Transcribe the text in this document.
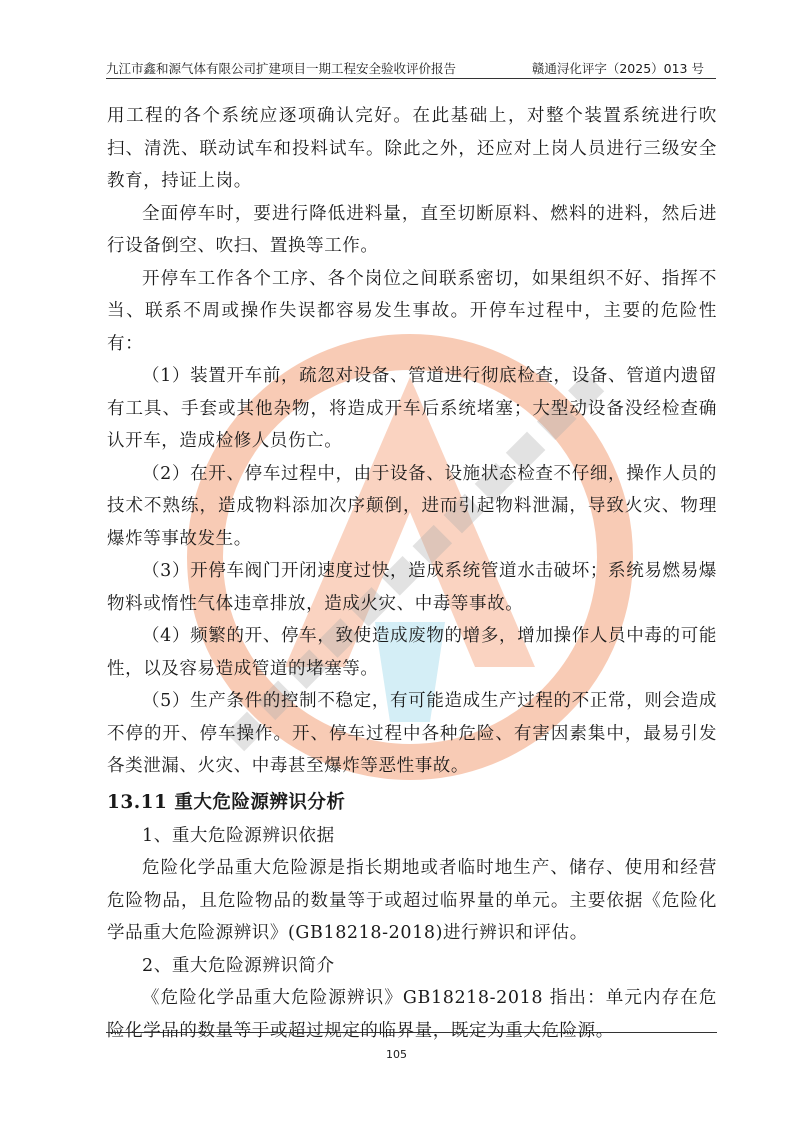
九江市鑫和源气体有限公司扩建项目一期工程安全验收评价报告	赣通浔化评字（2025）013 号

用工程的各个系统应逐项确认完好。在此基础上，对整个装置系统进行吹扫、清洗、联动试车和投料试车。除此之外，还应对上岗人员进行三级安全教育，持证上岗。

全面停车时，要进行降低进料量，直至切断原料、燃料的进料，然后进行设备倒空、吹扫、置换等工作。

开停车工作各个工序、各个岗位之间联系密切，如果组织不好、指挥不当、联系不周或操作失误都容易发生事故。开停车过程中，主要的危险性有：

（1）装置开车前，疏忽对设备、管道进行彻底检查，设备、管道内遗留有工具、手套或其他杂物，将造成开车后系统堵塞；大型动设备没经检查确认开车，造成检修人员伤亡。

（2）在开、停车过程中，由于设备、设施状态检查不仔细，操作人员的技术不熟练，造成物料添加次序颠倒，进而引起物料泄漏，导致火灾、物理爆炸等事故发生。

（3）开停车阀门开闭速度过快，造成系统管道水击破坏；系统易燃易爆物料或惰性气体违章排放，造成火灾、中毒等事故。

（4）频繁的开、停车，致使造成废物的增多，增加操作人员中毒的可能性，以及容易造成管道的堵塞等。

（5）生产条件的控制不稳定，有可能造成生产过程的不正常，则会造成不停的开、停车操作。开、停车过程中各种危险、有害因素集中，最易引发各类泄漏、火灾、中毒甚至爆炸等恶性事故。

13.11 重大危险源辨识分析

1、重大危险源辨识依据

危险化学品重大危险源是指长期地或者临时地生产、储存、使用和经营危险物品，且危险物品的数量等于或超过临界量的单元。主要依据《危险化学品重大危险源辨识》(GB18218-2018)进行辨识和评估。

2、重大危险源辨识简介

《危险化学品重大危险源辨识》GB18218-2018 指出：单元内存在危险化学品的数量等于或超过规定的临界量，既定为重大危险源。

105
